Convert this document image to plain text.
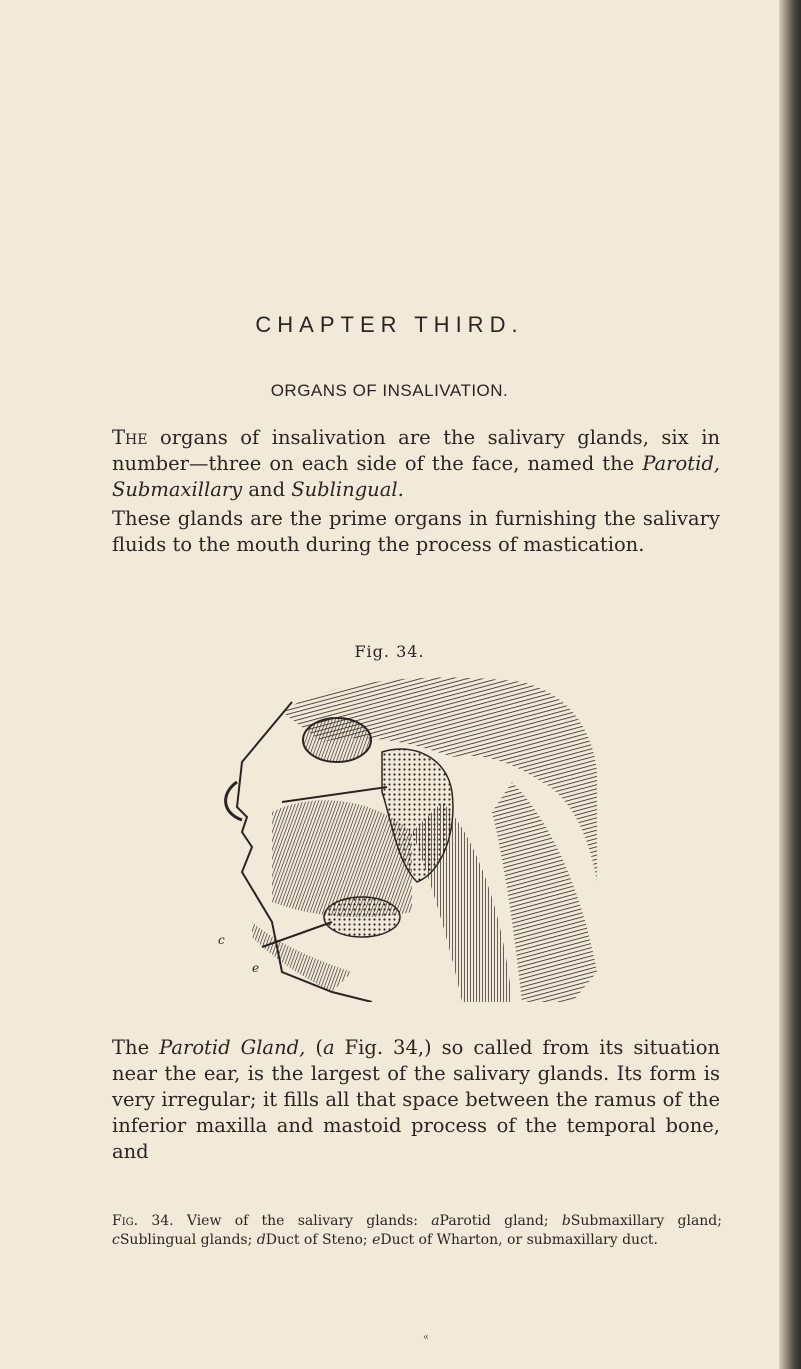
CHAPTER THIRD.
ORGANS OF INSALIVATION.

The organs of insalivation are the salivary glands, six in number—three on each side of the face, named the Parotid, Submaxillary and Sublingual.

These glands are the prime organs in furnishing the salivary fluids to the mouth during the process of mastication.

Fig. 34.
c
e

The Parotid Gland, (a Fig. 34,) so called from its situation near the ear, is the largest of the salivary glands. Its form is very irregular; it fills all that space between the ramus of the inferior maxilla and mastoid process of the temporal bone, and

Fig. 34. View of the salivary glands: aParotid gland; bSubmaxillary gland; cSublingual glands; dDuct of Steno; eDuct of Wharton, or submaxillary duct.

«
